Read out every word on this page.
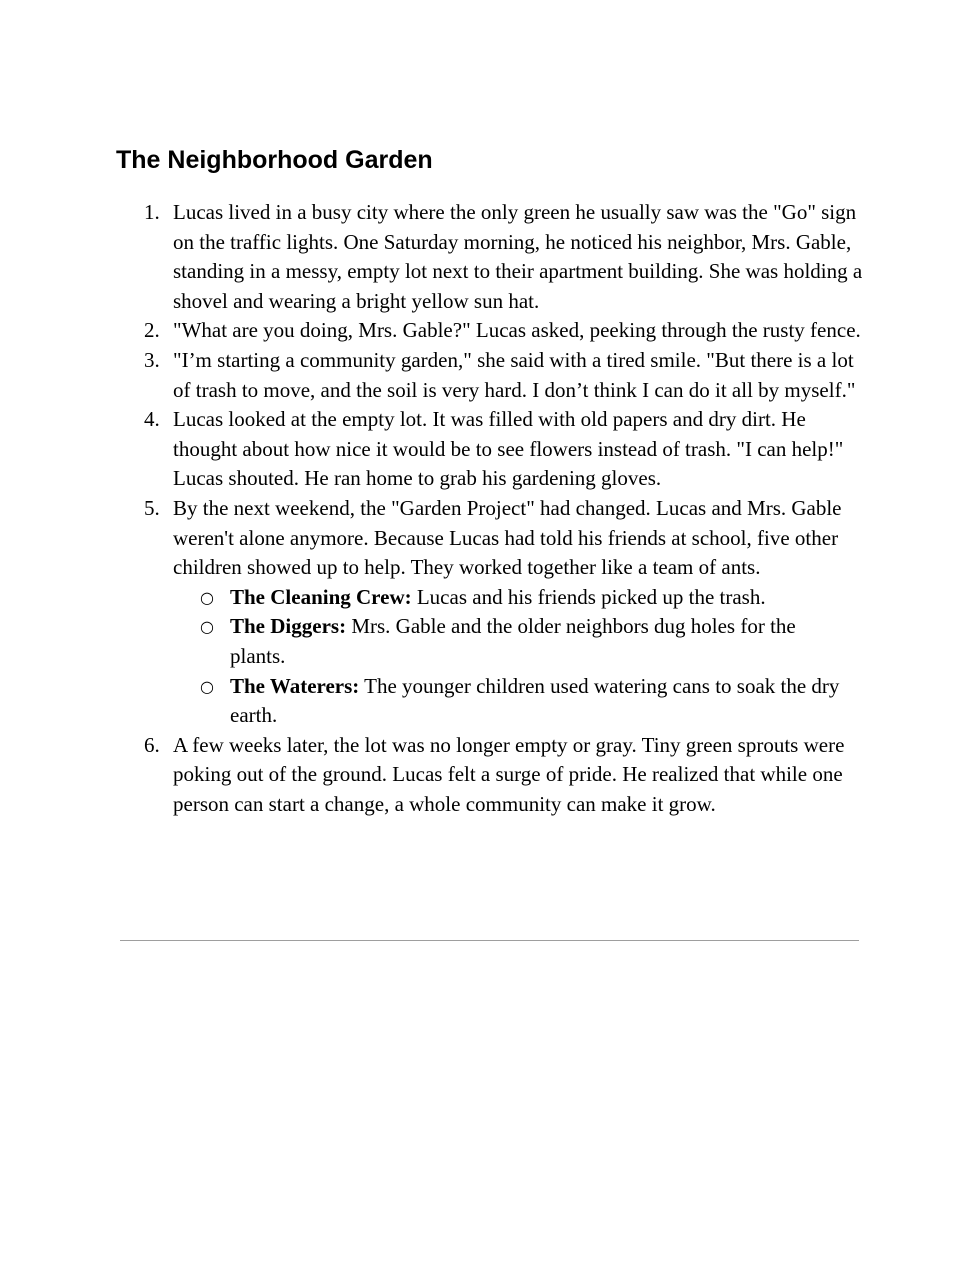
The Neighborhood Garden
1. Lucas lived in a busy city where the only green he usually saw was the "Go" sign on the traffic lights. One Saturday morning, he noticed his neighbor, Mrs. Gable, standing in a messy, empty lot next to their apartment building. She was holding a shovel and wearing a bright yellow sun hat.
2. "What are you doing, Mrs. Gable?" Lucas asked, peeking through the rusty fence.
3. "I’m starting a community garden," she said with a tired smile. "But there is a lot of trash to move, and the soil is very hard. I don’t think I can do it all by myself."
4. Lucas looked at the empty lot. It was filled with old papers and dry dirt. He thought about how nice it would be to see flowers instead of trash. "I can help!" Lucas shouted. He ran home to grab his gardening gloves.
5. By the next weekend, the "Garden Project" had changed. Lucas and Mrs. Gable weren't alone anymore. Because Lucas had told his friends at school, five other children showed up to help. They worked together like a team of ants.
○ The Cleaning Crew: Lucas and his friends picked up the trash.
○ The Diggers: Mrs. Gable and the older neighbors dug holes for the plants.
○ The Waterers: The younger children used watering cans to soak the dry earth.
6. A few weeks later, the lot was no longer empty or gray. Tiny green sprouts were poking out of the ground. Lucas felt a surge of pride. He realized that while one person can start a change, a whole community can make it grow.
